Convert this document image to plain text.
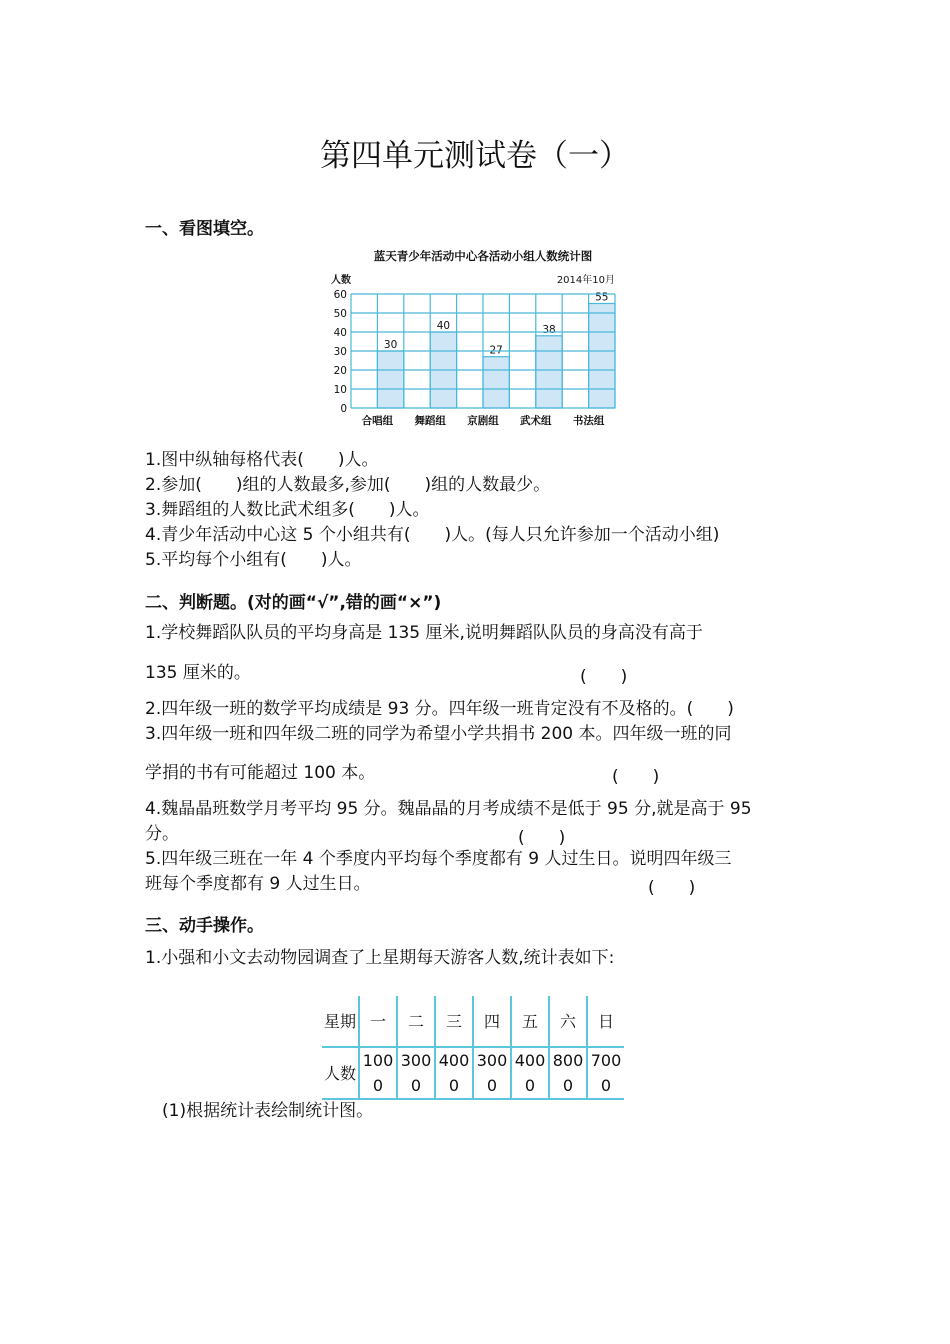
第四单元测试卷（一）
一、看图填空。
蓝天青少年活动中心各活动小组人数统计图
人数	2014年10月
30
40
27
38
55
0
10
20
30
40
50
60
合唱组 舞蹈组 京剧组 武术组 书法组
1.图中纵轴每格代表(　　)人。
2.参加(　　)组的人数最多,参加(　　)组的人数最少。
3.舞蹈组的人数比武术组多(　　)人。
4.青少年活动中心这 5 个小组共有(　　)人。(每人只允许参加一个活动小组)
5.平均每个小组有(　　)人。
二、判断题。(对的画“√”,错的画“×”)
1.学校舞蹈队队员的平均身高是 135 厘米,说明舞蹈队队员的身高没有高于
135 厘米的。	(　　)
2.四年级一班的数学平均成绩是 93 分。四年级一班肯定没有不及格的。(　　)
3.四年级一班和四年级二班的同学为希望小学共捐书 200 本。四年级一班的同
学捐的书有可能超过 100 本。	(　　)
4.魏晶晶班数学月考平均 95 分。魏晶晶的月考成绩不是低于 95 分,就是高于 95
分。	(　　)
5.四年级三班在一年 4 个季度内平均每个季度都有 9 人过生日。说明四年级三
班每个季度都有 9 人过生日。	(　　)
三、动手操作。
1.小强和小文去动物园调查了上星期每天游客人数,统计表如下:
星期	一	二	三	四	五	六	日
人数	1000	3000	4000	3000	4000	8000	7000
(1)根据统计表绘制统计图。
